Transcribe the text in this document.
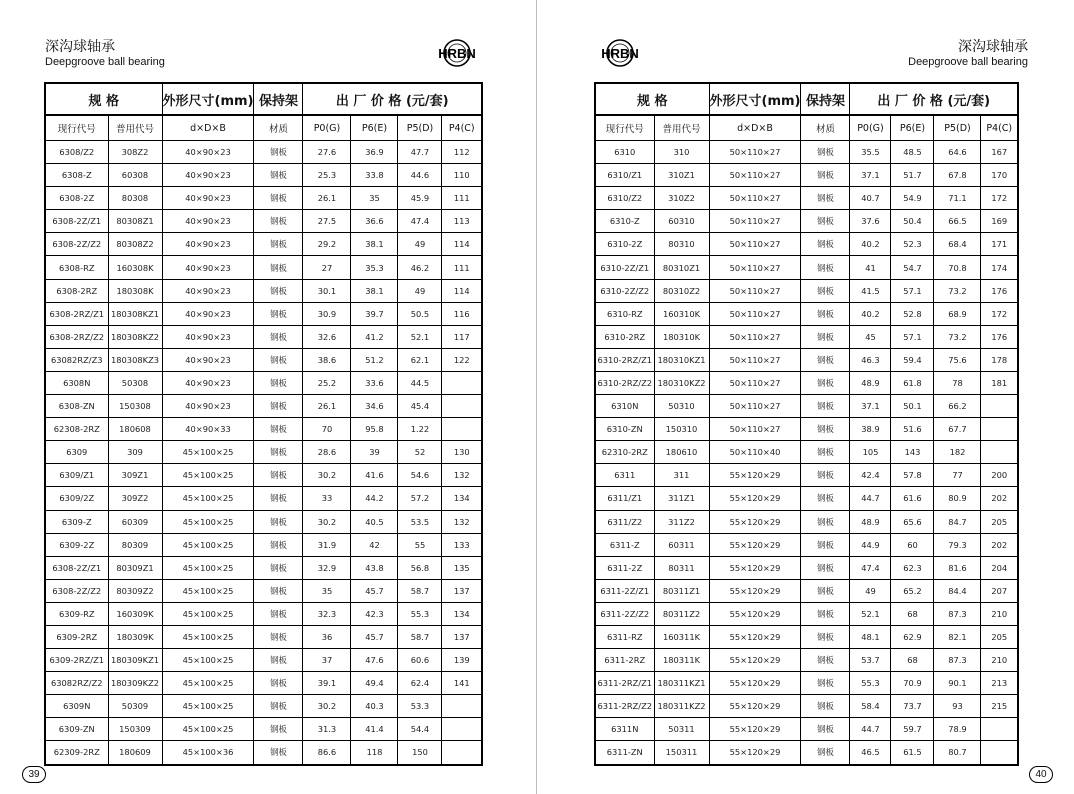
深沟球轴承
Deepgroove ball bearing
HRBN
规 格		外形尺寸(mm)	保持架	出 厂 价 格 (元/套)			
现行代号	普用代号	d×D×B	材质	P0(G)	P6(E)	P5(D)	P4(C)
6308/Z2	308Z2	40×90×23	钢板	27.6	36.9	47.7	112
6308-Z	60308	40×90×23	钢板	25.3	33.8	44.6	110
6308-2Z	80308	40×90×23	钢板	26.1	35	45.9	111
6308-2Z/Z1	80308Z1	40×90×23	钢板	27.5	36.6	47.4	113
6308-2Z/Z2	80308Z2	40×90×23	钢板	29.2	38.1	49	114
6308-RZ	160308K	40×90×23	钢板	27	35.3	46.2	111
6308-2RZ	180308K	40×90×23	钢板	30.1	38.1	49	114
6308-2RZ/Z1	180308KZ1	40×90×23	钢板	30.9	39.7	50.5	116
6308-2RZ/Z2	180308KZ2	40×90×23	钢板	32.6	41.2	52.1	117
63082RZ/Z3	180308KZ3	40×90×23	钢板	38.6	51.2	62.1	122
6308N	50308	40×90×23	钢板	25.2	33.6	44.5	
6308-ZN	150308	40×90×23	钢板	26.1	34.6	45.4	
62308-2RZ	180608	40×90×33	钢板	70	95.8	1.22	
6309	309	45×100×25	钢板	28.6	39	52	130
6309/Z1	309Z1	45×100×25	钢板	30.2	41.6	54.6	132
6309/2Z	309Z2	45×100×25	钢板	33	44.2	57.2	134
6309-Z	60309	45×100×25	钢板	30.2	40.5	53.5	132
6309-2Z	80309	45×100×25	钢板	31.9	42	55	133
6308-2Z/Z1	80309Z1	45×100×25	钢板	32.9	43.8	56.8	135
6308-2Z/Z2	80309Z2	45×100×25	钢板	35	45.7	58.7	137
6309-RZ	160309K	45×100×25	钢板	32.3	42.3	55.3	134
6309-2RZ	180309K	45×100×25	钢板	36	45.7	58.7	137
6309-2RZ/Z1	180309KZ1	45×100×25	钢板	37	47.6	60.6	139
63082RZ/Z2	180309KZ2	45×100×25	钢板	39.1	49.4	62.4	141
6309N	50309	45×100×25	钢板	30.2	40.3	53.3	
6309-ZN	150309	45×100×25	钢板	31.3	41.4	54.4	
62309-2RZ	180609	45×100×36	钢板	86.6	118	150	
39
深沟球轴承
Deepgroove ball bearing
HRBN
规 格		外形尺寸(mm)	保持架	出 厂 价 格 (元/套)			
现行代号	普用代号	d×D×B	材质	P0(G)	P6(E)	P5(D)	P4(C)
6310	310	50×110×27	钢板	35.5	48.5	64.6	167
6310/Z1	310Z1	50×110×27	钢板	37.1	51.7	67.8	170
6310/Z2	310Z2	50×110×27	钢板	40.7	54.9	71.1	172
6310-Z	60310	50×110×27	钢板	37.6	50.4	66.5	169
6310-2Z	80310	50×110×27	钢板	40.2	52.3	68.4	171
6310-2Z/Z1	80310Z1	50×110×27	钢板	41	54.7	70.8	174
6310-2Z/Z2	80310Z2	50×110×27	钢板	41.5	57.1	73.2	176
6310-RZ	160310K	50×110×27	钢板	40.2	52.8	68.9	172
6310-2RZ	180310K	50×110×27	钢板	45	57.1	73.2	176
6310-2RZ/Z1	180310KZ1	50×110×27	钢板	46.3	59.4	75.6	178
6310-2RZ/Z2	180310KZ2	50×110×27	钢板	48.9	61.8	78	181
6310N	50310	50×110×27	钢板	37.1	50.1	66.2	
6310-ZN	150310	50×110×27	钢板	38.9	51.6	67.7	
62310-2RZ	180610	50×110×40	钢板	105	143	182	
6311	311	55×120×29	钢板	42.4	57.8	77	200
6311/Z1	311Z1	55×120×29	钢板	44.7	61.6	80.9	202
6311/Z2	311Z2	55×120×29	钢板	48.9	65.6	84.7	205
6311-Z	60311	55×120×29	钢板	44.9	60	79.3	202
6311-2Z	80311	55×120×29	钢板	47.4	62.3	81.6	204
6311-2Z/Z1	80311Z1	55×120×29	钢板	49	65.2	84.4	207
6311-2Z/Z2	80311Z2	55×120×29	钢板	52.1	68	87.3	210
6311-RZ	160311K	55×120×29	钢板	48.1	62.9	82.1	205
6311-2RZ	180311K	55×120×29	钢板	53.7	68	87.3	210
6311-2RZ/Z1	180311KZ1	55×120×29	钢板	55.3	70.9	90.1	213
6311-2RZ/Z2	180311KZ2	55×120×29	钢板	58.4	73.7	93	215
6311N	50311	55×120×29	钢板	44.7	59.7	78.9	
6311-ZN	150311	55×120×29	钢板	46.5	61.5	80.7	
40
